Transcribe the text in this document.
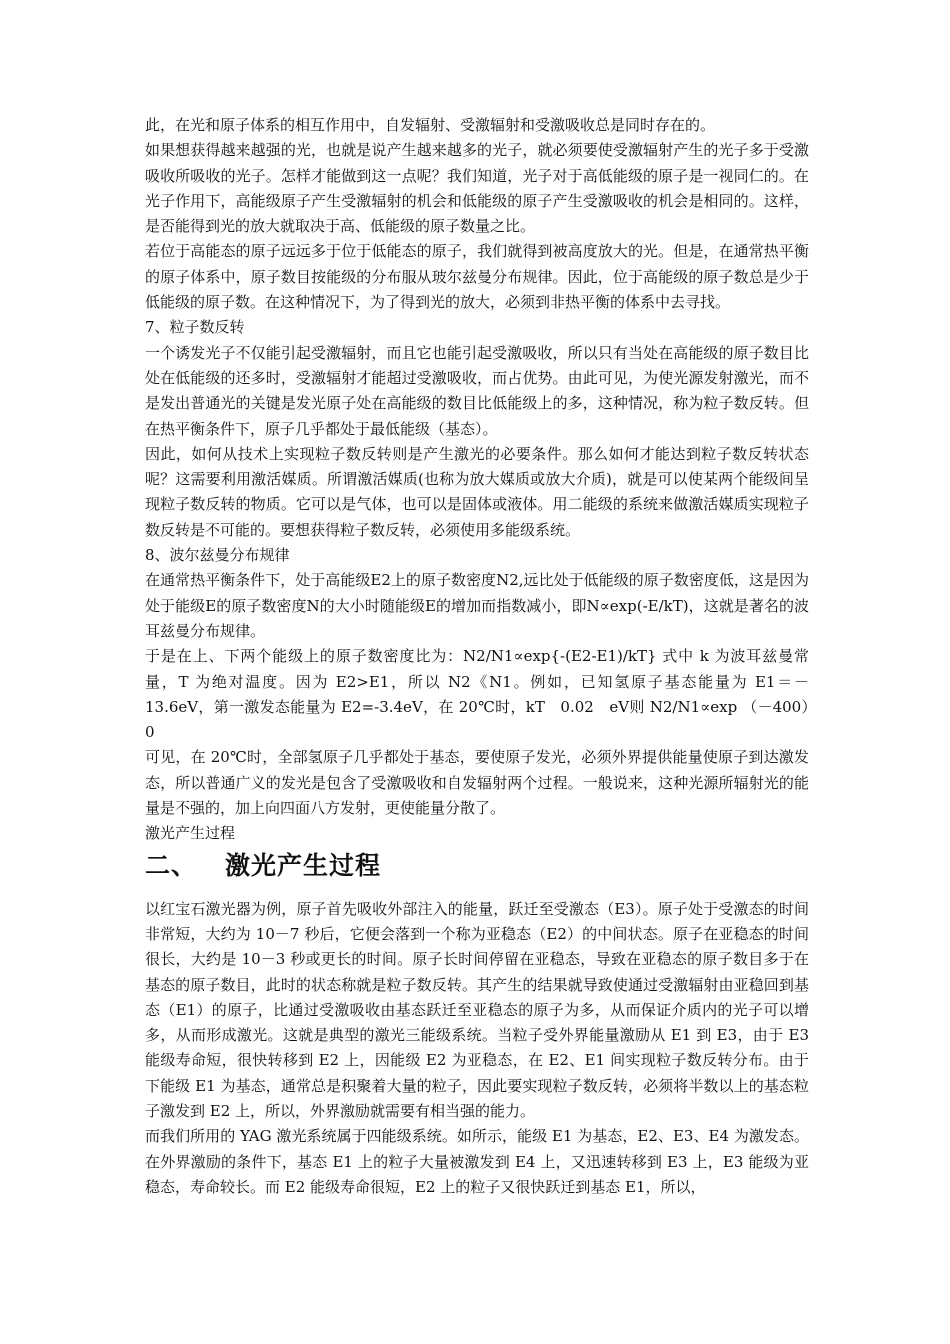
此，在光和原子体系的相互作用中，自发辐射、受激辐射和受激吸收总是同时存在的。

如果想获得越来越强的光，也就是说产生越来越多的光子，就必须要使受激辐射产生的光子多于受激吸收所吸收的光子。怎样才能做到这一点呢？我们知道，光子对于高低能级的原子是一视同仁的。在光子作用下，高能级原子产生受激辐射的机会和低能级的原子产生受激吸收的机会是相同的。这样，是否能得到光的放大就取决于高、低能级的原子数量之比。

若位于高能态的原子远远多于位于低能态的原子，我们就得到被高度放大的光。但是，在通常热平衡的原子体系中，原子数目按能级的分布服从玻尔兹曼分布规律。因此，位于高能级的原子数总是少于低能级的原子数。在这种情况下，为了得到光的放大，必须到非热平衡的体系中去寻找。

7、粒子数反转

一个诱发光子不仅能引起受激辐射，而且它也能引起受激吸收，所以只有当处在高能级的原子数目比处在低能级的还多时，受激辐射才能超过受激吸收，而占优势。由此可见，为使光源发射激光，而不是发出普通光的关键是发光原子处在高能级的数目比低能级上的多，这种情况，称为粒子数反转。但在热平衡条件下，原子几乎都处于最低能级（基态）。

因此，如何从技术上实现粒子数反转则是产生激光的必要条件。那么如何才能达到粒子数反转状态呢？这需要利用激活媒质。所谓激活媒质(也称为放大媒质或放大介质)，就是可以使某两个能级间呈现粒子数反转的物质。它可以是气体，也可以是固体或液体。用二能级的系统来做激活媒质实现粒子数反转是不可能的。要想获得粒子数反转，必须使用多能级系统。

8、波尔兹曼分布规律

在通常热平衡条件下，处于高能级E2上的原子数密度N2,远比处于低能级的原子数密度低，这是因为处于能级E的原子数密度N的大小时随能级E的增加而指数减小，即N∝exp(-E/kT)，这就是著名的波耳兹曼分布规律。

于是在上、下两个能级上的原子数密度比为：N2/N1∝exp{-(E2-E1)/kT} 式中 k 为波耳兹曼常量，T 为绝对温度。因为 E2>E1，所以 N2《N1。例如，已知氢原子基态能量为 E1＝－13.6eV，第一激发态能量为 E2=-3.4eV，在 20℃时，kT　0.02　eV则 N2/N1∝exp （－400）　0

可见，在 20℃时，全部氢原子几乎都处于基态，要使原子发光，必须外界提供能量使原子到达激发态，所以普通广义的发光是包含了受激吸收和自发辐射两个过程。一般说来，这种光源所辐射光的能量是不强的，加上向四面八方发射，更使能量分散了。

激光产生过程

二、 激光产生过程

以红宝石激光器为例，原子首先吸收外部注入的能量，跃迁至受激态（E3）。原子处于受激态的时间非常短，大约为 10－7 秒后，它便会落到一个称为亚稳态（E2）的中间状态。原子在亚稳态的时间很长，大约是 10－3 秒或更长的时间。原子长时间停留在亚稳态，导致在亚稳态的原子数目多于在基态的原子数目，此时的状态称就是粒子数反转。其产生的结果就导致使通过受激辐射由亚稳回到基态（E1）的原子，比通过受激吸收由基态跃迁至亚稳态的原子为多，从而保证介质内的光子可以增多，从而形成激光。这就是典型的激光三能级系统。当粒子受外界能量激励从 E1 到 E3，由于 E3 能级寿命短，很快转移到 E2 上，因能级 E2 为亚稳态，在 E2、E1 间实现粒子数反转分布。由于下能级 E1 为基态，通常总是积聚着大量的粒子，因此要实现粒子数反转，必须将半数以上的基态粒子激发到 E2 上，所以，外界激励就需要有相当强的能力。

而我们所用的 YAG 激光系统属于四能级系统。如所示，能级 E1 为基态，E2、E3、E4 为激发态。在外界激励的条件下，基态 E1 上的粒子大量被激发到 E4 上，又迅速转移到 E3 上，E3 能级为亚稳态，寿命较长。而 E2 能级寿命很短，E2 上的粒子又很快跃迁到基态 E1，所以，
